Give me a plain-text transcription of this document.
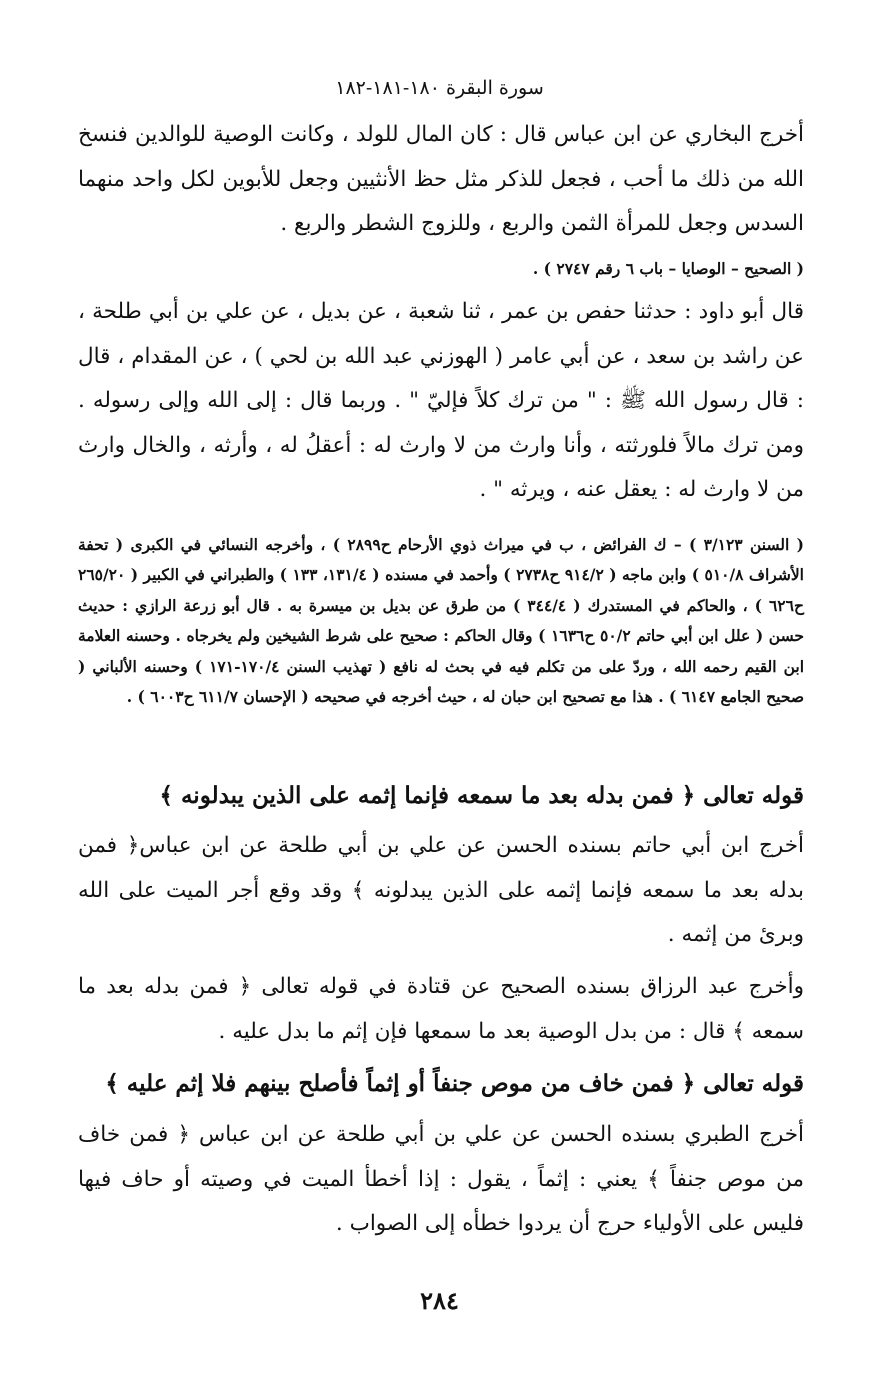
سورة البقرة ١٨٠-١٨١-١٨٢

أخرج البخاري عن ابن عباس قال : كان المال للولد ، وكانت الوصية للوالدين فنسخ الله من ذلك ما أحب ، فجعل للذكر مثل حظ الأنثيين وجعل للأبوين لكل واحد منهما السدس وجعل للمرأة الثمن والربع ، وللزوج الشطر والربع .

( الصحيح – الوصايا – باب ٦ رقم ٢٧٤٧ ) .

قال أبو داود : حدثنا حفص بن عمر ، ثنا شعبة ، عن بديل ، عن علي بن أبي طلحة ، عن راشد بن سعد ، عن أبي عامر ( الهوزني عبد الله بن لحي ) ، عن المقدام ، قال : قال رسول الله ﷺ : " من ترك كلاً فإليّ " . وربما قال : إلى الله وإلى رسوله . ومن ترك مالاً فلورثته ، وأنا وارث من لا وارث له : أعقلُ له ، وأرثه ، والخال وارث من لا وارث له : يعقل عنه ، ويرثه " .

( السنن ٣/١٢٣ ) – ك الفرائض ، ب في ميراث ذوي الأرحام ح٢٨٩٩ ) ، وأخرجه النسائي في الكبرى ( تحفة الأشراف ٥١٠/٨ ) وابن ماجه ( ٩١٤/٢ ح٢٧٣٨ ) وأحمد في مسنده ( ١٣١/٤، ١٣٣ ) والطبراني في الكبير ( ٢٦٥/٢٠ ح٦٢٦ ) ، والحاكم في المستدرك ( ٣٤٤/٤ ) من طرق عن بديل بن ميسرة به . قال أبو زرعة الرازي : حديث حسن ( علل ابن أبي حاتم ٥٠/٢ ح١٦٣٦ ) وقال الحاكم : صحيح على شرط الشيخين ولم يخرجاه . وحسنه العلامة ابن القيم رحمه الله ، وردّ على من تكلم فيه في بحث له نافع ( تهذيب السنن ١٧٠/٤-١٧١ ) وحسنه الألباني ( صحيح الجامع ٦١٤٧ ) . هذا مع تصحيح ابن حبان له ، حيث أخرجه في صحيحه ( الإحسان ٦١١/٧ ح٦٠٠٣ ) .

قوله تعالى ﴿ فمن بدله بعد ما سمعه فإنما إثمه على الذين يبدلونه ﴾

أخرج ابن أبي حاتم بسنده الحسن عن علي بن أبي طلحة عن ابن عباس﴿ فمن بدله بعد ما سمعه فإنما إثمه على الذين يبدلونه ﴾ وقد وقع أجر الميت على الله وبرئ من إثمه .

وأخرج عبد الرزاق بسنده الصحيح عن قتادة في قوله تعالى ﴿ فمن بدله بعد ما سمعه ﴾ قال : من بدل الوصية بعد ما سمعها فإن إثم ما بدل عليه .

قوله تعالى ﴿ فمن خاف من موص جنفاً أو إثماً فأصلح بينهم فلا إثم عليه ﴾

أخرج الطبري بسنده الحسن عن علي بن أبي طلحة عن ابن عباس ﴿ فمن خاف من موص جنفاً ﴾ يعني : إثماً ، يقول : إذا أخطأ الميت في وصيته أو حاف فيها فليس على الأولياء حرج أن يردوا خطأه إلى الصواب .

٢٨٤
